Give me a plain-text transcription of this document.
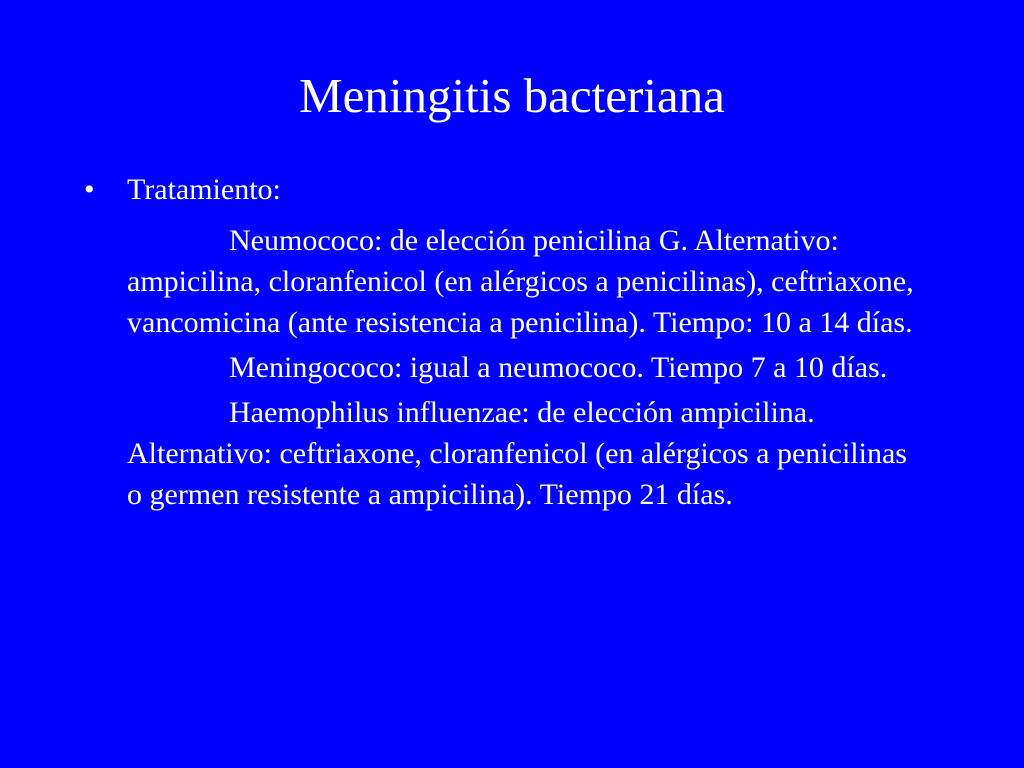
Meningitis bacteriana
•	Tratamiento:

Neumococo: de elección penicilina G. Alternativo: ampicilina, cloranfenicol (en alérgicos a penicilinas), ceftriaxone, vancomicina (ante resistencia a penicilina). Tiempo: 10 a 14 días.

Meningococo: igual a neumococo. Tiempo 7 a 10 días.

Haemophilus influenzae: de elección ampicilina. Alternativo: ceftriaxone, cloranfenicol (en alérgicos a penicilinas o germen resistente a ampicilina). Tiempo 21 días.
